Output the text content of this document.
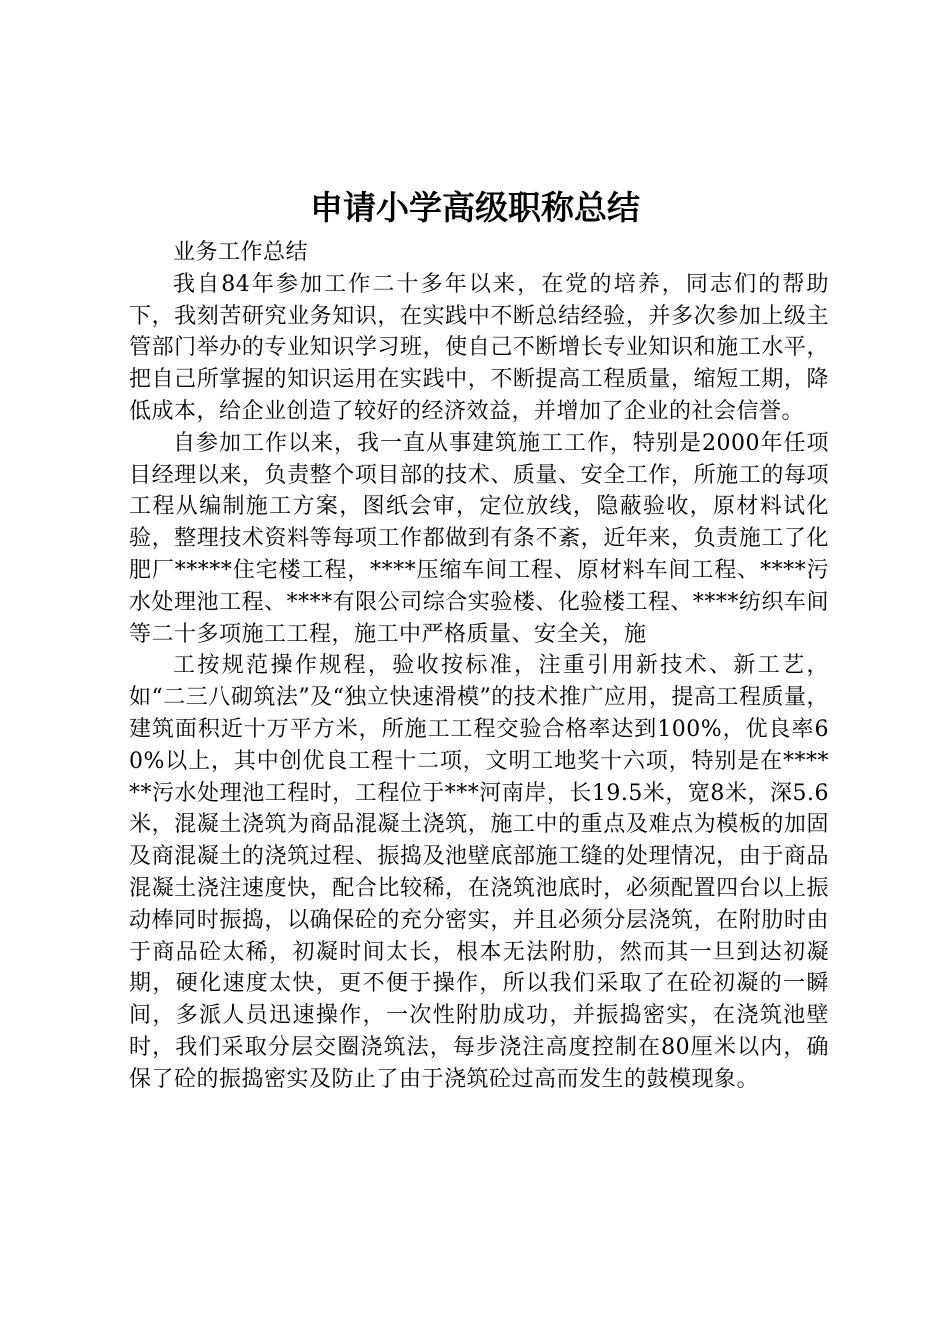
申请小学高级职称总结

业务工作总结

我自84年参加工作二十多年以来，在党的培养，同志们的帮助下，我刻苦研究业务知识，在实践中不断总结经验，并多次参加上级主管部门举办的专业知识学习班，使自己不断增长专业知识和施工水平，把自己所掌握的知识运用在实践中，不断提高工程质量，缩短工期，降低成本，给企业创造了较好的经济效益，并增加了企业的社会信誉。

自参加工作以来，我一直从事建筑施工工作，特别是2000年任项目经理以来，负责整个项目部的技术、质量、安全工作，所施工的每项工程从编制施工方案，图纸会审，定位放线，隐蔽验收，原材料试化验，整理技术资料等每项工作都做到有条不紊，近年来，负责施工了化肥厂*****住宅楼工程，****压缩车间工程、原材料车间工程、****污水处理池工程、****有限公司综合实验楼、化验楼工程、****纺织车间等二十多项施工工程，施工中严格质量、安全关，施

工按规范操作规程，验收按标准，注重引用新技术、新工艺，如“二三八砌筑法”及“独立快速滑模”的技术推广应用，提高工程质量，建筑面积近十万平方米，所施工工程交验合格率达到100%，优良率60%以上，其中创优良工程十二项，文明工地奖十六项，特别是在******污水处理池工程时，工程位于***河南岸，长19.5米，宽8米，深5.6米，混凝土浇筑为商品混凝土浇筑，施工中的重点及难点为模板的加固及商混凝土的浇筑过程、振捣及池壁底部施工缝的处理情况，由于商品混凝土浇注速度快，配合比较稀，在浇筑池底时，必须配置四台以上振动棒同时振捣，以确保砼的充分密实，并且必须分层浇筑，在附肋时由于商品砼太稀，初凝时间太长，根本无法附肋，然而其一旦到达初凝期，硬化速度太快，更不便于操作，所以我们采取了在砼初凝的一瞬间，多派人员迅速操作，一次性附肋成功，并振捣密实，在浇筑池壁时，我们采取分层交圈浇筑法，每步浇注高度控制在80厘米以内，确保了砼的振捣密实及防止了由于浇筑砼过高而发生的鼓模现象。
